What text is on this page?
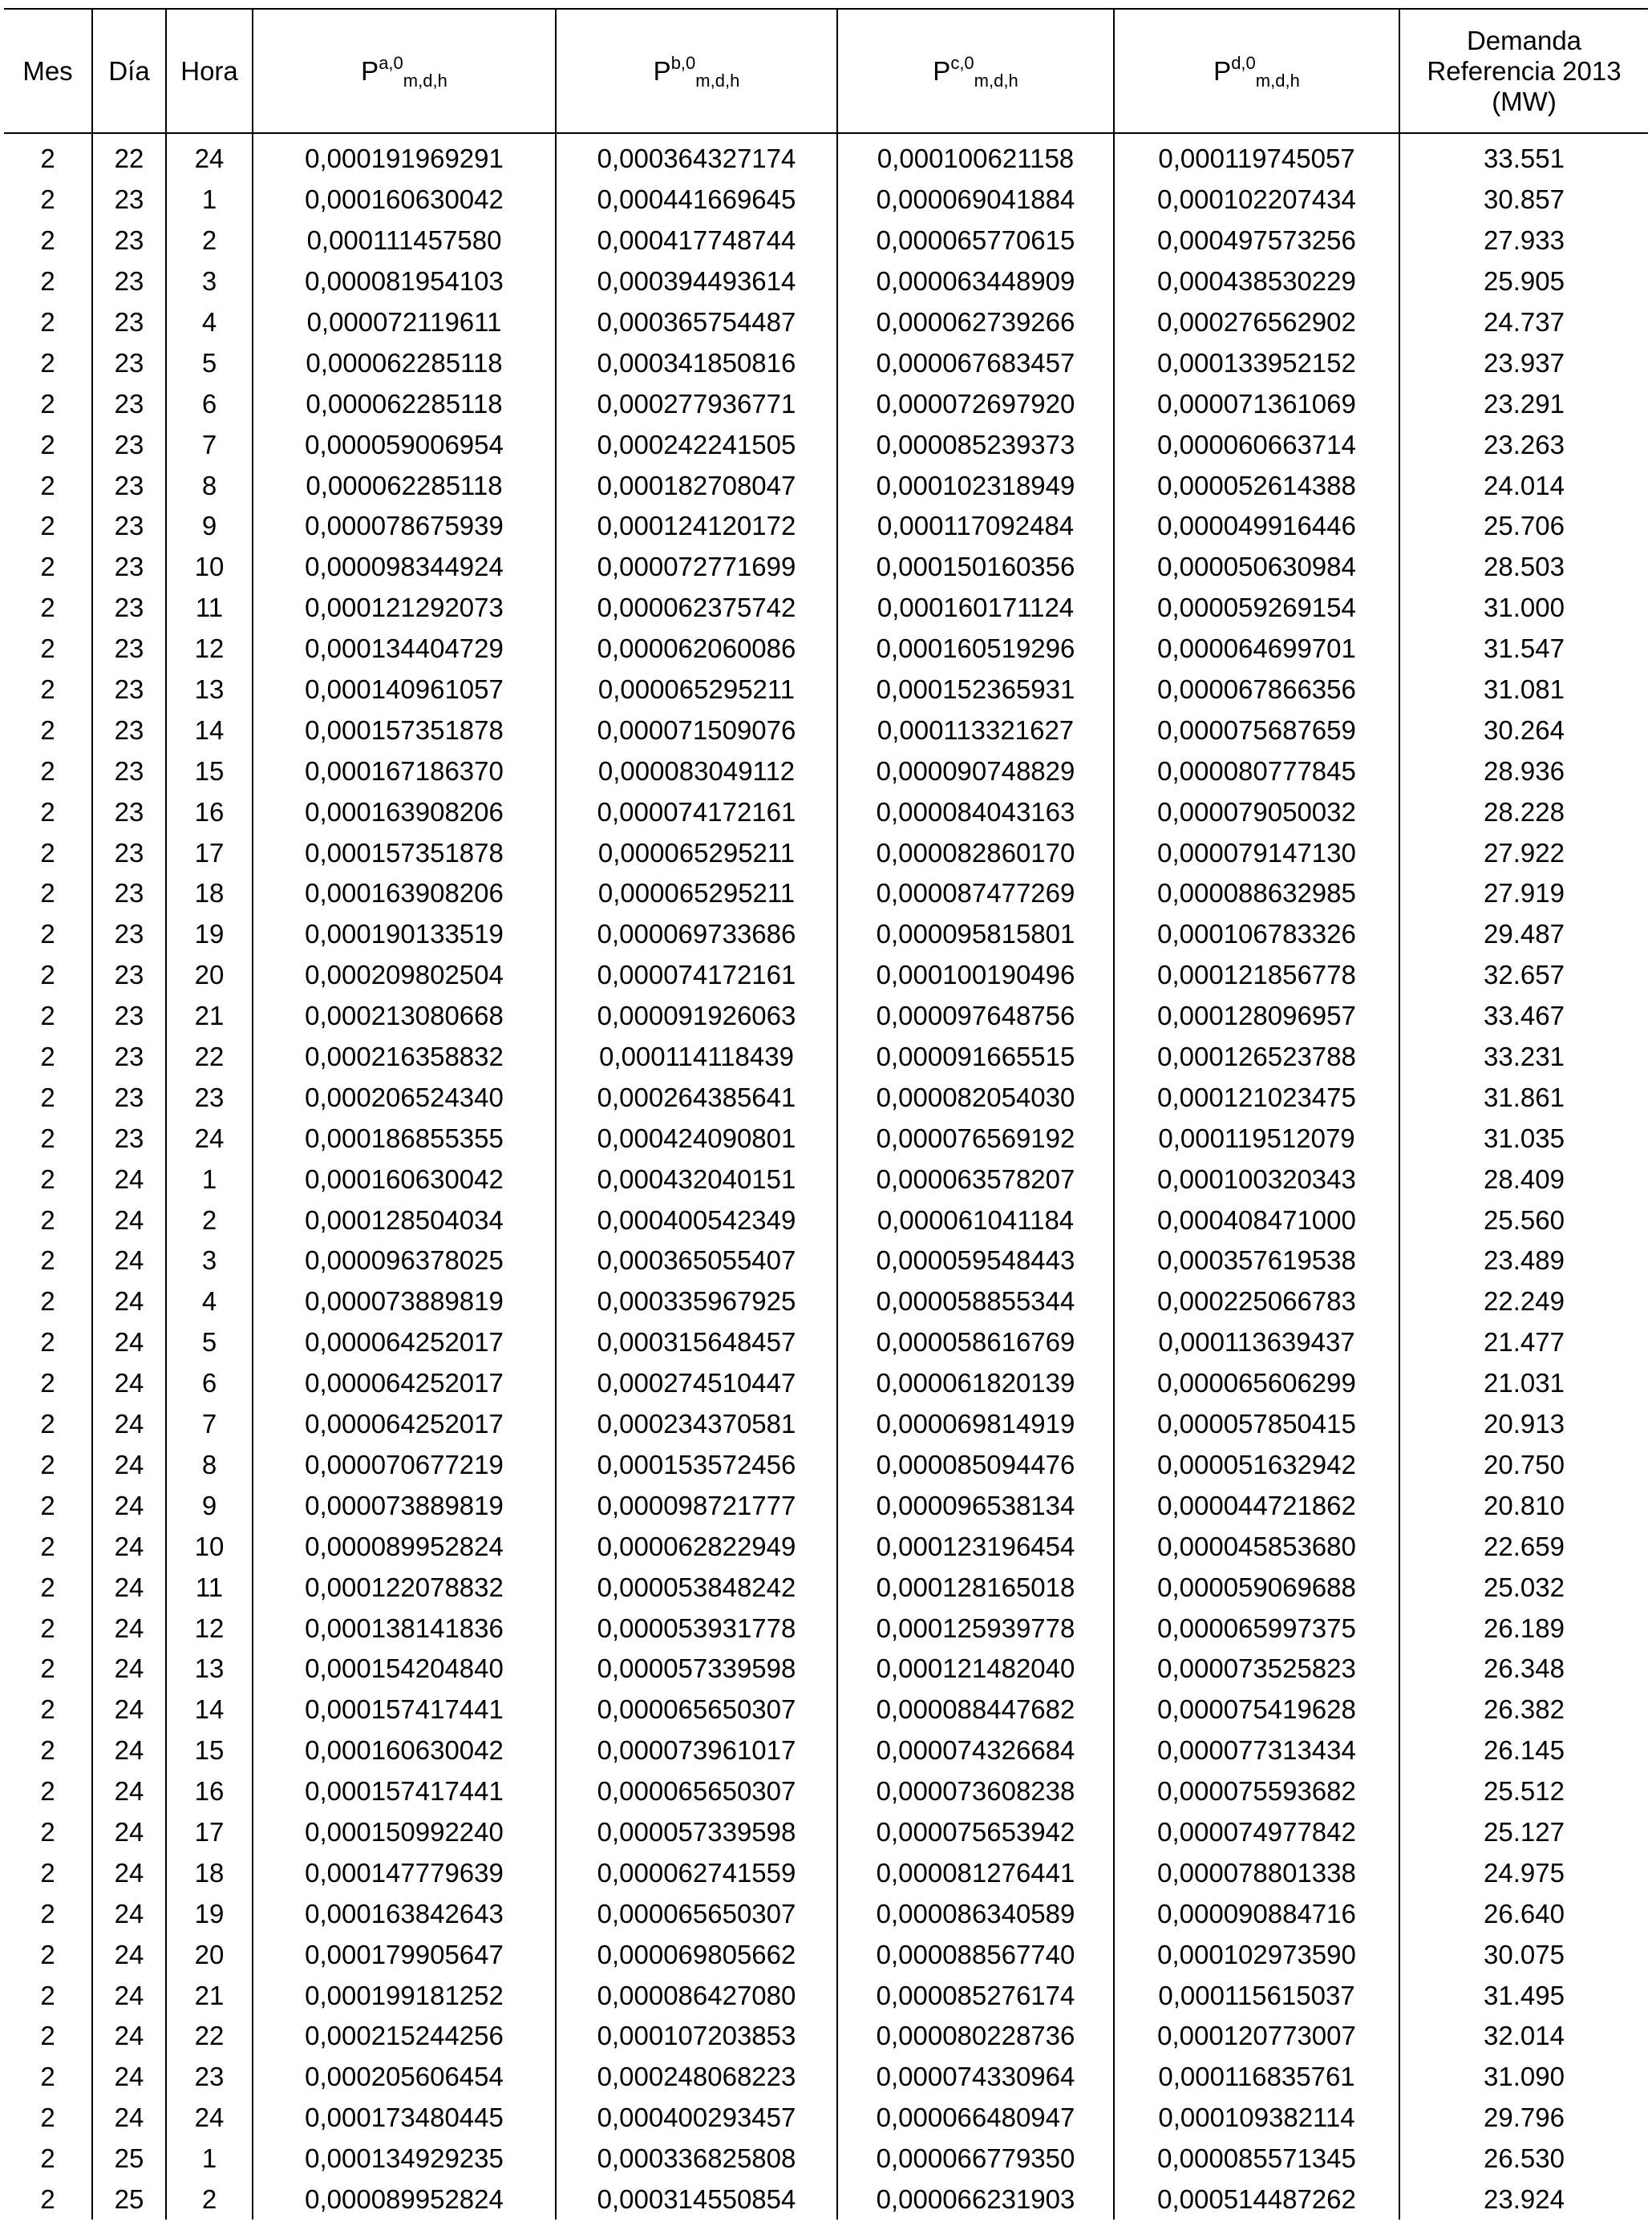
Mes	Día	Hora	P$^{a,0}_{m,d,h}$	P$^{b,0}_{m,d,h}$	P$^{c,0}_{m,d,h}$	P$^{d,0}_{m,d,h}$	Demanda
Referencia 2013
(MW)

2	22	24	0,000191969291	0,000364327174	0,000100621158	0,000119745057	33.551
2	23	1	0,000160630042	0,000441669645	0,000069041884	0,000102207434	30.857
2	23	2	0,000111457580	0,000417748744	0,000065770615	0,000497573256	27.933
2	23	3	0,000081954103	0,000394493614	0,000063448909	0,000438530229	25.905
2	23	4	0,000072119611	0,000365754487	0,000062739266	0,000276562902	24.737
2	23	5	0,000062285118	0,000341850816	0,000067683457	0,000133952152	23.937
2	23	6	0,000062285118	0,000277936771	0,000072697920	0,000071361069	23.291
2	23	7	0,000059006954	0,000242241505	0,000085239373	0,000060663714	23.263
2	23	8	0,000062285118	0,000182708047	0,000102318949	0,000052614388	24.014
2	23	9	0,000078675939	0,000124120172	0,000117092484	0,000049916446	25.706
2	23	10	0,000098344924	0,000072771699	0,000150160356	0,000050630984	28.503
2	23	11	0,000121292073	0,000062375742	0,000160171124	0,000059269154	31.000
2	23	12	0,000134404729	0,000062060086	0,000160519296	0,000064699701	31.547
2	23	13	0,000140961057	0,000065295211	0,000152365931	0,000067866356	31.081
2	23	14	0,000157351878	0,000071509076	0,000113321627	0,000075687659	30.264
2	23	15	0,000167186370	0,000083049112	0,000090748829	0,000080777845	28.936
2	23	16	0,000163908206	0,000074172161	0,000084043163	0,000079050032	28.228
2	23	17	0,000157351878	0,000065295211	0,000082860170	0,000079147130	27.922
2	23	18	0,000163908206	0,000065295211	0,000087477269	0,000088632985	27.919
2	23	19	0,000190133519	0,000069733686	0,000095815801	0,000106783326	29.487
2	23	20	0,000209802504	0,000074172161	0,000100190496	0,000121856778	32.657
2	23	21	0,000213080668	0,000091926063	0,000097648756	0,000128096957	33.467
2	23	22	0,000216358832	0,000114118439	0,000091665515	0,000126523788	33.231
2	23	23	0,000206524340	0,000264385641	0,000082054030	0,000121023475	31.861
2	23	24	0,000186855355	0,000424090801	0,000076569192	0,000119512079	31.035
2	24	1	0,000160630042	0,000432040151	0,000063578207	0,000100320343	28.409
2	24	2	0,000128504034	0,000400542349	0,000061041184	0,000408471000	25.560
2	24	3	0,000096378025	0,000365055407	0,000059548443	0,000357619538	23.489
2	24	4	0,000073889819	0,000335967925	0,000058855344	0,000225066783	22.249
2	24	5	0,000064252017	0,000315648457	0,000058616769	0,000113639437	21.477
2	24	6	0,000064252017	0,000274510447	0,000061820139	0,000065606299	21.031
2	24	7	0,000064252017	0,000234370581	0,000069814919	0,000057850415	20.913
2	24	8	0,000070677219	0,000153572456	0,000085094476	0,000051632942	20.750
2	24	9	0,000073889819	0,000098721777	0,000096538134	0,000044721862	20.810
2	24	10	0,000089952824	0,000062822949	0,000123196454	0,000045853680	22.659
2	24	11	0,000122078832	0,000053848242	0,000128165018	0,000059069688	25.032
2	24	12	0,000138141836	0,000053931778	0,000125939778	0,000065997375	26.189
2	24	13	0,000154204840	0,000057339598	0,000121482040	0,000073525823	26.348
2	24	14	0,000157417441	0,000065650307	0,000088447682	0,000075419628	26.382
2	24	15	0,000160630042	0,000073961017	0,000074326684	0,000077313434	26.145
2	24	16	0,000157417441	0,000065650307	0,000073608238	0,000075593682	25.512
2	24	17	0,000150992240	0,000057339598	0,000075653942	0,000074977842	25.127
2	24	18	0,000147779639	0,000062741559	0,000081276441	0,000078801338	24.975
2	24	19	0,000163842643	0,000065650307	0,000086340589	0,000090884716	26.640
2	24	20	0,000179905647	0,000069805662	0,000088567740	0,000102973590	30.075
2	24	21	0,000199181252	0,000086427080	0,000085276174	0,000115615037	31.495
2	24	22	0,000215244256	0,000107203853	0,000080228736	0,000120773007	32.014
2	24	23	0,000205606454	0,000248068223	0,000074330964	0,000116835761	31.090
2	24	24	0,000173480445	0,000400293457	0,000066480947	0,000109382114	29.796
2	25	1	0,000134929235	0,000336825808	0,000066779350	0,000085571345	26.530
2	25	2	0,000089952824	0,000314550854	0,000066231903	0,000514487262	23.924
